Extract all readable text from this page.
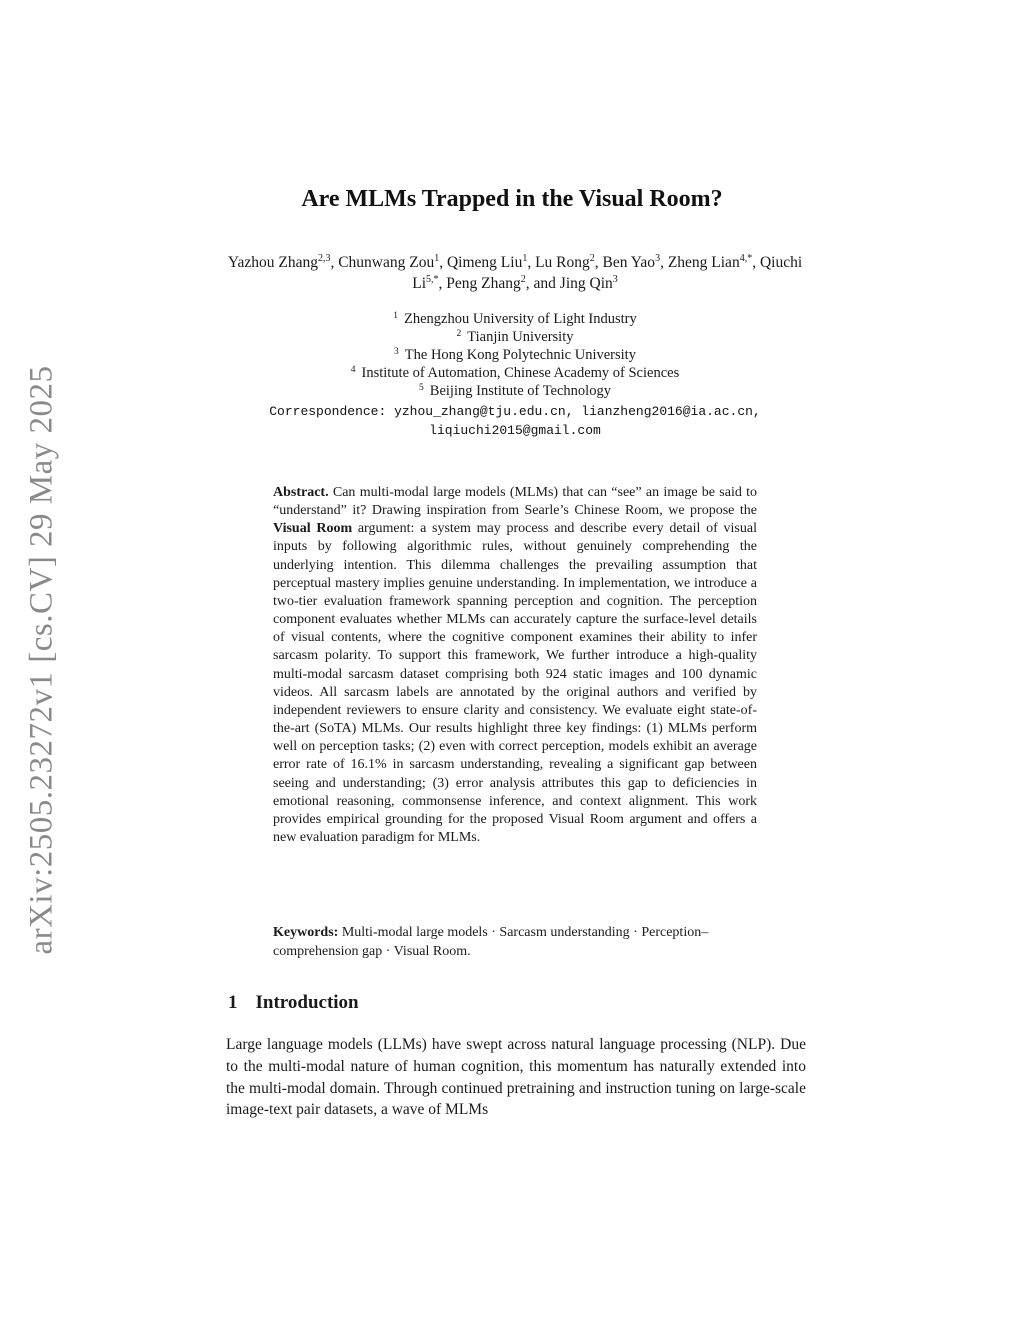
arXiv:2505.23272v1 [cs.CV] 29 May 2025
Are MLMs Trapped in the Visual Room?
Yazhou Zhang$^{2,3}$, Chunwang Zou$^1$, Qimeng Liu$^1$, Lu Rong$^2$, Ben Yao$^3$, Zheng Lian$^{4,*}$, Qiuchi $Li^{5,*}$, Peng Zhang$^2$, and Jing Qin$^3$
$^1$ Zhengzhou University of Light Industry
$^2$ Tianjin University
$^3$ The Hong Kong Polytechnic University
$^4$ Institute of Automation, Chinese Academy of Sciences
$^5$ Beijing Institute of Technology
Correspondence: yzhou_zhang@tju.edu.cn, lianzheng2016@ia.ac.cn,
liqiuchi2015@gmail.com
Abstract. Can multi-modal large models (MLMs) that can “see” an image be said to “understand” it? Drawing inspiration from Searle’s Chinese Room, we propose the Visual Room argument: a system may process and describe every detail of visual inputs by following algorithmic rules, without genuinely comprehending the underlying intention. This dilemma challenges the prevailing assumption that perceptual mastery implies genuine understanding. In implementation, we introduce a two-tier evaluation framework spanning perception and cognition. The perception component evaluates whether MLMs can accurately capture the surface-level details of visual contents, where the cognitive component examines their ability to infer sarcasm polarity. To support this framework, We further introduce a high-quality multi-modal sarcasm dataset comprising both 924 static images and 100 dynamic videos. All sarcasm labels are annotated by the original authors and verified by independent reviewers to ensure clarity and consistency. We evaluate eight state-of-the-art (SoTA) MLMs. Our results highlight three key findings: (1) MLMs perform well on perception tasks; (2) even with correct perception, models exhibit an average error rate of 16.1% in sarcasm understanding, revealing a significant gap between seeing and understanding; (3) error analysis attributes this gap to deficiencies in emotional reasoning, commonsense inference, and context alignment. This work provides empirical grounding for the proposed Visual Room argument and offers a new evaluation paradigm for MLMs.
Keywords: Multi-modal large models · Sarcasm understanding · Perception–comprehension gap · Visual Room.
1 Introduction
Large language models (LLMs) have swept across natural language processing (NLP). Due to the multi-modal nature of human cognition, this momentum has naturally extended into the multi-modal domain. Through continued pretraining and instruction tuning on large-scale image-text pair datasets, a wave of MLMs
